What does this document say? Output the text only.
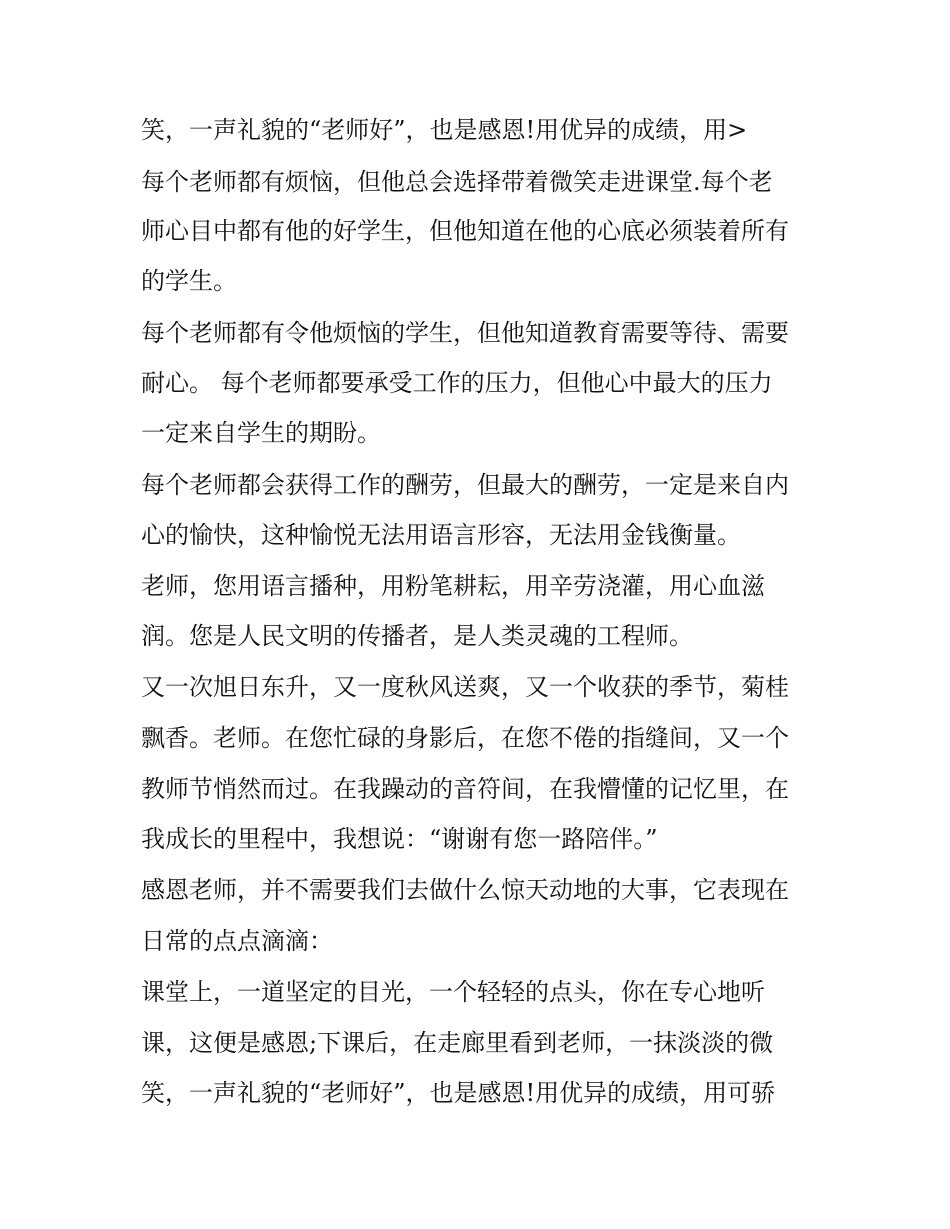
笑，一声礼貌的“老师好”，也是感恩!用优异的成绩，用>
每个老师都有烦恼，但他总会选择带着微笑走进课堂.每个老
师心目中都有他的好学生，但他知道在他的心底必须装着所有
的学生。
每个老师都有令他烦恼的学生，但他知道教育需要等待、需要
耐心。 每个老师都要承受工作的压力，但他心中最大的压力
一定来自学生的期盼。
每个老师都会获得工作的酬劳，但最大的酬劳，一定是来自内
心的愉快，这种愉悦无法用语言形容，无法用金钱衡量。
老师，您用语言播种，用粉笔耕耘，用辛劳浇灌，用心血滋
润。您是人民文明的传播者，是人类灵魂的工程师。
又一次旭日东升，又一度秋风送爽，又一个收获的季节，菊桂
飘香。老师。在您忙碌的身影后，在您不倦的指缝间，又一个
教师节悄然而过。在我躁动的音符间，在我懵懂的记忆里，在
我成长的里程中，我想说：“谢谢有您一路陪伴。”
感恩老师，并不需要我们去做什么惊天动地的大事，它表现在
日常的点点滴滴：
课堂上，一道坚定的目光，一个轻轻的点头，你在专心地听
课，这便是感恩;下课后，在走廊里看到老师，一抹淡淡的微
笑，一声礼貌的“老师好”，也是感恩!用优异的成绩，用可骄
